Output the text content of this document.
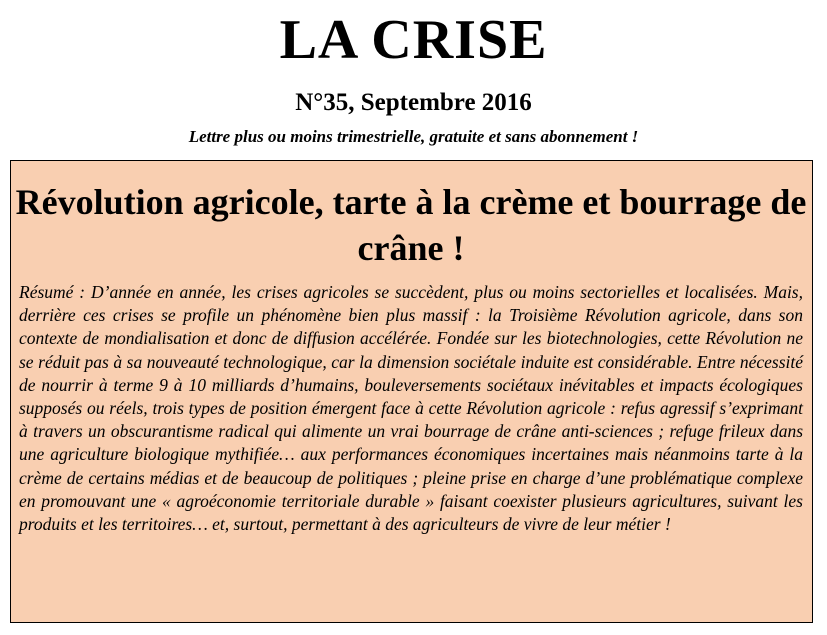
LA CRISE
N°35, Septembre 2016
Lettre plus ou moins trimestrielle, gratuite et sans abonnement !
Révolution agricole, tarte à la crème et bourrage de crâne !

Résumé : D’année en année, les crises agricoles se succèdent, plus ou moins sectorielles et localisées. Mais, derrière ces crises se profile un phénomène bien plus massif : la Troisième Révolution agricole, dans son contexte de mondialisation et donc de diffusion accélérée. Fondée sur les biotechnologies, cette Révolution ne se réduit pas à sa nouveauté technologique, car la dimension sociétale induite est considérable. Entre nécessité de nourrir à terme 9 à 10 milliards d’humains, bouleversements sociétaux inévitables et impacts écologiques supposés ou réels, trois types de position émergent face à cette Révolution agricole : refus agressif s’exprimant à travers un obscurantisme radical qui alimente un vrai bourrage de crâne anti-sciences ; refuge frileux dans une agriculture biologique mythifiée… aux performances économiques incertaines mais néanmoins tarte à la crème de certains médias et de beaucoup de politiques ; pleine prise en charge d’une problématique complexe en promouvant une « agroéconomie territoriale durable » faisant coexister plusieurs agricultures, suivant les produits et les territoires… et, surtout, permettant à des agriculteurs de vivre de leur métier !
